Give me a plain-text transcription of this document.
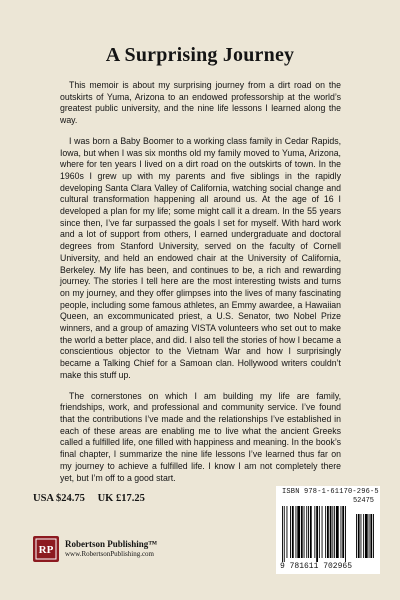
A Surprising Journey

This memoir is about my surprising journey from a dirt road on the outskirts of Yuma, Arizona to an endowed professorship at the world’s greatest public university, and the nine life lessons I learned along the way.

I was born a Baby Boomer to a working class family in Cedar Rapids, Iowa, but when I was six months old my family moved to Yuma, Arizona, where for ten years I lived on a dirt road on the outskirts of town. In the 1960s I grew up with my parents and five siblings in the rapidly developing Santa Clara Valley of California, watching social change and cultural transformation happening all around us. At the age of 16 I developed a plan for my life; some might call it a dream. In the 55 years since then, I’ve far surpassed the goals I set for myself. With hard work and a lot of support from others, I earned undergraduate and doctoral degrees from Stanford University, served on the faculty of Cornell University, and held an endowed chair at the University of California, Berkeley. My life has been, and continues to be, a rich and rewarding journey. The stories I tell here are the most interesting twists and turns on my journey, and they offer glimpses into the lives of many fascinating people, including some famous athletes, an Emmy awardee, a Hawaiian Queen, an excommunicated priest, a U.S. Senator, two Nobel Prize winners, and a group of amazing VISTA volunteers who set out to make the world a better place, and did. I also tell the stories of how I became a conscientious objector to the Vietnam War and how I surprisingly became a Talking Chief for a Samoan clan. Hollywood writers couldn’t make this stuff up.

The cornerstones on which I am building my life are family, friendships, work, and professional and community service. I’ve found that the contributions I’ve made and the relationships I’ve established in each of these areas are enabling me to live what the ancient Greeks called a fulfilled life, one filled with happiness and meaning. In the book’s final chapter, I summarize the nine life lessons I’ve learned thus far on my journey to achieve a fulfilled life. I know I am not completely there yet, but I’m off to a good start.

USA $24.75 UK £17.25
RP Robertson Publishing™
www.RobertsonPublishing.com
ISBN 978-1-61170-296-5
52475
9 781611 702965
